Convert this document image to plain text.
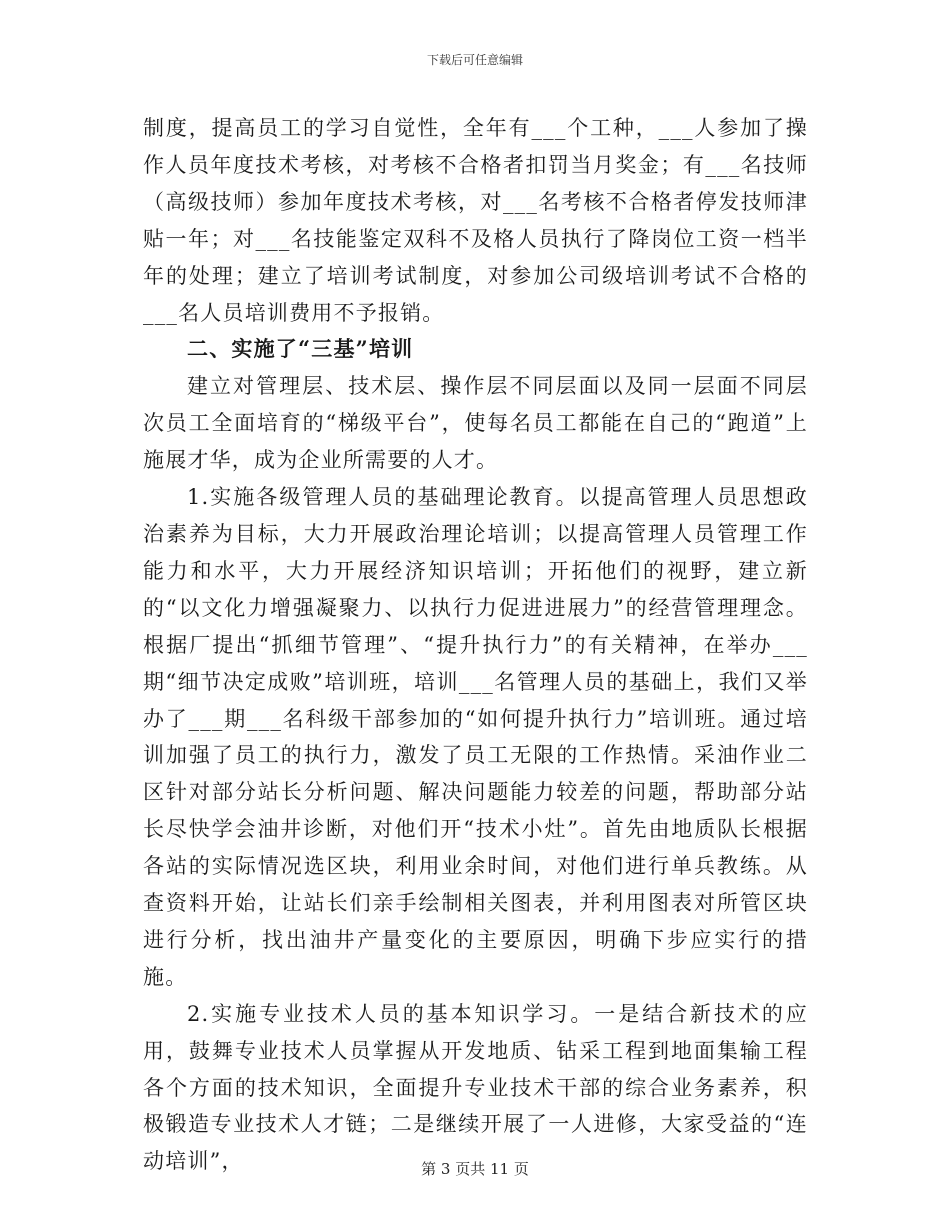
下载后可任意编辑

制度，提高员工的学习自觉性，全年有___个工种，___人参加了操作人员年度技术考核，对考核不合格者扣罚当月奖金；有___名技师（高级技师）参加年度技术考核，对___名考核不合格者停发技师津贴一年；对___名技能鉴定双科不及格人员执行了降岗位工资一档半年的处理；建立了培训考试制度，对参加公司级培训考试不合格的___名人员培训费用不予报销。

二、实施了“三基”培训

建立对管理层、技术层、操作层不同层面以及同一层面不同层次员工全面培育的“梯级平台”，使每名员工都能在自己的“跑道”上施展才华，成为企业所需要的人才。

1.实施各级管理人员的基础理论教育。以提高管理人员思想政治素养为目标，大力开展政治理论培训；以提高管理人员管理工作能力和水平，大力开展经济知识培训；开拓他们的视野，建立新的“以文化力增强凝聚力、以执行力促进进展力”的经营管理理念。根据厂提出“抓细节管理”、“提升执行力”的有关精神，在举办___期“细节决定成败”培训班，培训___名管理人员的基础上，我们又举办了___期___名科级干部参加的“如何提升执行力”培训班。通过培训加强了员工的执行力，激发了员工无限的工作热情。采油作业二区针对部分站长分析问题、解决问题能力较差的问题，帮助部分站长尽快学会油井诊断，对他们开“技术小灶”。首先由地质队长根据各站的实际情况选区块，利用业余时间，对他们进行单兵教练。从查资料开始，让站长们亲手绘制相关图表，并利用图表对所管区块进行分析，找出油井产量变化的主要原因，明确下步应实行的措施。

2.实施专业技术人员的基本知识学习。一是结合新技术的应用，鼓舞专业技术人员掌握从开发地质、钻采工程到地面集输工程各个方面的技术知识，全面提升专业技术干部的综合业务素养，积极锻造专业技术人才链；二是继续开展了一人进修，大家受益的“连动培训”，	第 3 页共 11 页
